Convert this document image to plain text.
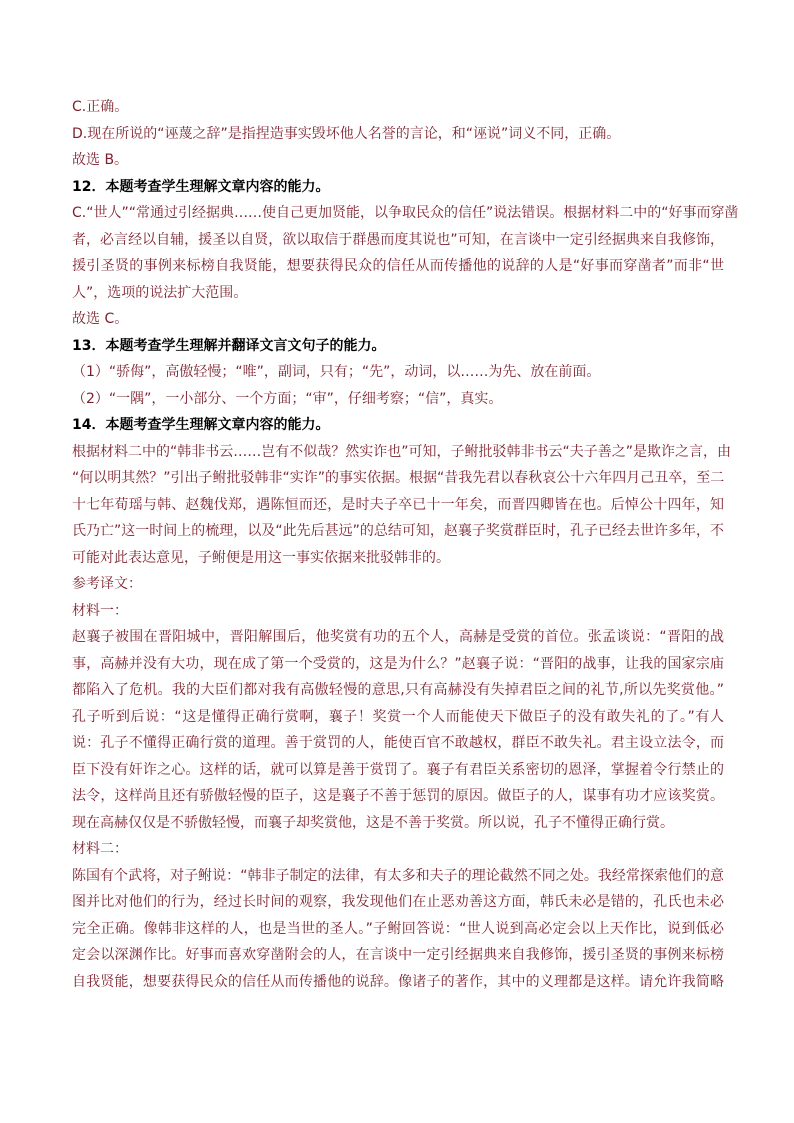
C.正确。
D.现在所说的“诬蔑之辞”是指捏造事实毁坏他人名誉的言论，和“诬说”词义不同，正确。
故选 B。
12．本题考查学生理解文章内容的能力。
C.“世人”“常通过引经据典……使自己更加贤能，以争取民众的信任”说法错误。根据材料二中的“好事而穿凿
者，必言经以自辅，援圣以自贤，欲以取信于群愚而度其说也”可知，在言谈中一定引经据典来自我修饰，
援引圣贤的事例来标榜自我贤能，想要获得民众的信任从而传播他的说辞的人是“好事而穿凿者”而非“世
人”，选项的说法扩大范围。
故选 C。
13．本题考查学生理解并翻译文言文句子的能力。
（1）“骄侮”，高傲轻慢；“唯”，副词，只有；“先”，动词，以……为先、放在前面。
（2）“一隅”，一小部分、一个方面；“审”，仔细考察；“信”，真实。
14．本题考查学生理解文章内容的能力。
根据材料二中的“韩非书云……岂有不似哉？然实诈也”可知，子鲋批驳韩非书云“夫子善之”是欺诈之言，由
“何以明其然？”引出子鲋批驳韩非“实诈”的事实依据。根据“昔我先君以春秋哀公十六年四月己丑卒，至二
十七年荀瑶与韩、赵魏伐郑，遇陈恒而还，是时夫子卒已十一年矣，而晋四卿皆在也。后悼公十四年，知
氏乃亡”这一时间上的梳理，以及“此先后甚远”的总结可知，赵襄子奖赏群臣时，孔子已经去世许多年，不
可能对此表达意见，子鲋便是用这一事实依据来批驳韩非的。
参考译文：
材料一：
赵襄子被围在晋阳城中，晋阳解围后，他奖赏有功的五个人，高赫是受赏的首位。张孟谈说：“晋阳的战
事，高赫并没有大功，现在成了第一个受赏的，这是为什么？”赵襄子说：“晋阳的战事，让我的国家宗庙
都陷入了危机。我的大臣们都对我有高傲轻慢的意思,只有高赫没有失掉君臣之间的礼节,所以先奖赏他。”
孔子听到后说：“这是懂得正确行赏啊，襄子！奖赏一个人而能使天下做臣子的没有敢失礼的了。”有人
说：孔子不懂得正确行赏的道理。善于赏罚的人，能使百官不敢越权，群臣不敢失礼。君主设立法令，而
臣下没有奸诈之心。这样的话，就可以算是善于赏罚了。襄子有君臣关系密切的恩泽，掌握着令行禁止的
法令，这样尚且还有骄傲轻慢的臣子，这是襄子不善于惩罚的原因。做臣子的人，谋事有功才应该奖赏。
现在高赫仅仅是不骄傲轻慢，而襄子却奖赏他，这是不善于奖赏。所以说，孔子不懂得正确行赏。
材料二：
陈国有个武将，对子鲋说：“韩非子制定的法律，有太多和夫子的理论截然不同之处。我经常探索他们的意
图并比对他们的行为，经过长时间的观察，我发现他们在止恶劝善这方面，韩氏未必是错的，孔氏也未必
完全正确。像韩非这样的人，也是当世的圣人。”子鲋回答说：“世人说到高必定会以上天作比，说到低必
定会以深渊作比。好事而喜欢穿凿附会的人，在言谈中一定引经据典来自我修饰，援引圣贤的事例来标榜
自我贤能，想要获得民众的信任从而传播他的说辞。像诸子的著作，其中的义理都是这样。请允许我简略
